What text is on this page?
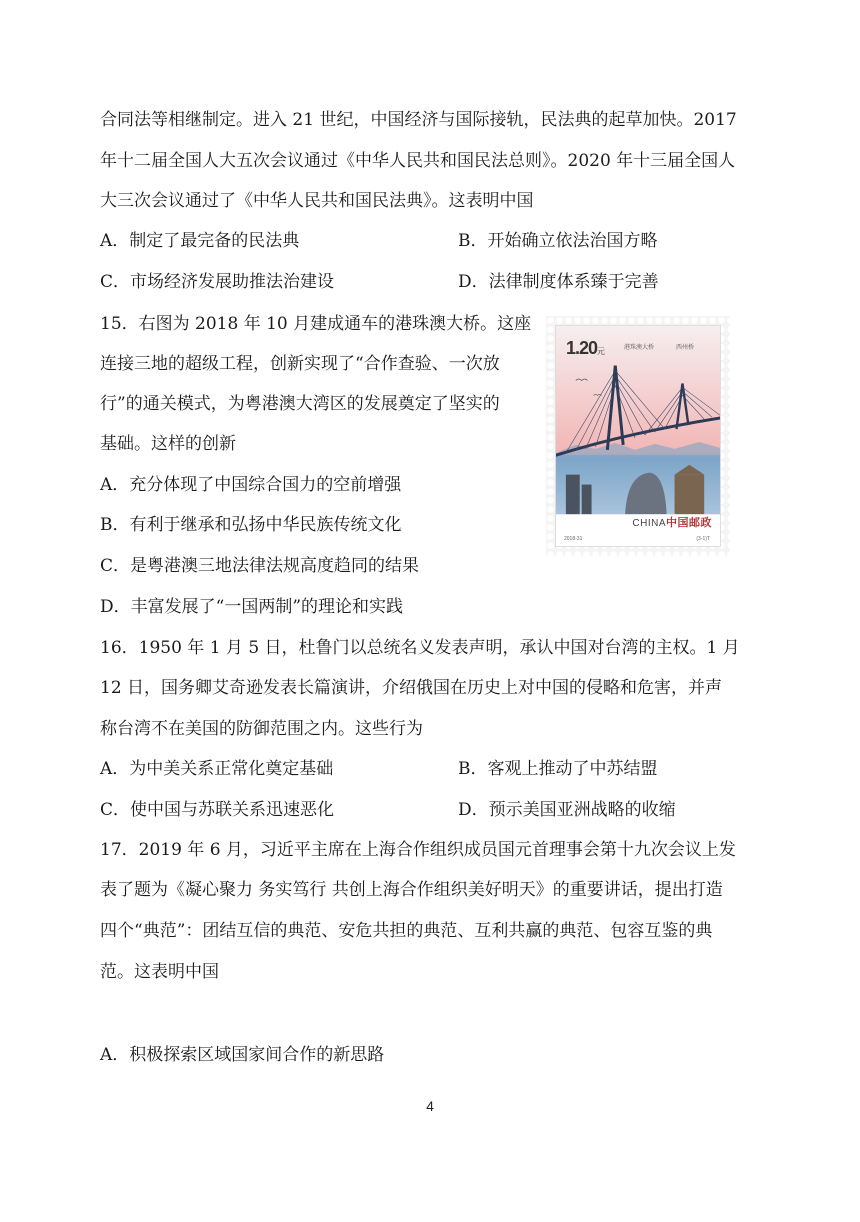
合同法等相继制定。进入 21 世纪，中国经济与国际接轨，民法典的起草加快。2017
年十二届全国人大五次会议通过《中华人民共和国民法总则》。2020 年十三届全国人
大三次会议通过了《中华人民共和国民法典》。这表明中国
A．制定了最完备的民法典	B．开始确立依法治国方略
C．市场经济发展助推法治建设	D．法律制度体系臻于完善
15．右图为 2018 年 10 月建成通车的港珠澳大桥。这座
连接三地的超级工程，创新实现了“合作查验、一次放
行”的通关模式，为粤港澳大湾区的发展奠定了坚实的
基础。这样的创新
A．充分体现了中国综合国力的空前增强
B．有利于继承和弘扬中华民族传统文化
C．是粤港澳三地法律法规高度趋同的结果
D．丰富发展了“一国两制”的理论和实践
1.20元	港珠澳大桥	西州桥
CHINA中国邮政
2018-31	(3-1)T
16．1950 年 1 月 5 日，杜鲁门以总统名义发表声明，承认中国对台湾的主权。1 月
12 日，国务卿艾奇逊发表长篇演讲，介绍俄国在历史上对中国的侵略和危害，并声
称台湾不在美国的防御范围之内。这些行为
A．为中美关系正常化奠定基础	B．客观上推动了中苏结盟
C．使中国与苏联关系迅速恶化	D．预示美国亚洲战略的收缩
17．2019 年 6 月，习近平主席在上海合作组织成员国元首理事会第十九次会议上发
表了题为《凝心聚力 务实笃行 共创上海合作组织美好明天》的重要讲话，提出打造
四个“典范”：团结互信的典范、安危共担的典范、互利共赢的典范、包容互鉴的典
范。这表明中国
A．积极探索区域国家间合作的新思路
4
